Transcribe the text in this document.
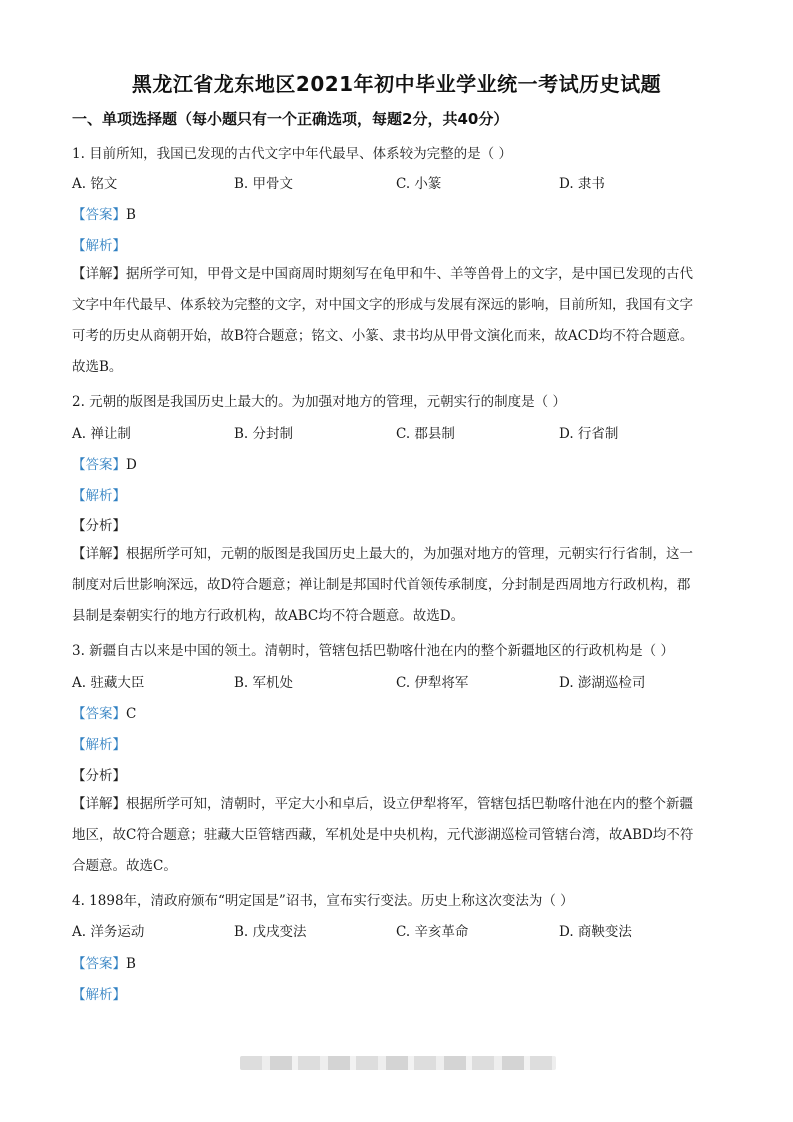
黑龙江省龙东地区2021年初中毕业学业统一考试历史试题
一、单项选择题（每小题只有一个正确选项，每题2分，共40分）
1. 目前所知，我国已发现的古代文字中年代最早、体系较为完整的是（ ）
A. 铭文	B. 甲骨文	C. 小篆	D. 隶书
【答案】B
【解析】
【详解】据所学可知，甲骨文是中国商周时期刻写在龟甲和牛、羊等兽骨上的文字，是中国已发现的古代
文字中年代最早、体系较为完整的文字，对中国文字的形成与发展有深远的影响，目前所知，我国有文字
可考的历史从商朝开始，故B符合题意；铭文、小篆、隶书均从甲骨文演化而来，故ACD均不符合题意。
故选B。
2. 元朝的版图是我国历史上最大的。为加强对地方的管理，元朝实行的制度是（ ）
A. 禅让制	B. 分封制	C. 郡县制	D. 行省制
【答案】D
【解析】
【分析】
【详解】根据所学可知，元朝的版图是我国历史上最大的，为加强对地方的管理，元朝实行行省制，这一
制度对后世影响深远，故D符合题意；禅让制是邦国时代首领传承制度，分封制是西周地方行政机构，郡
县制是秦朝实行的地方行政机构，故ABC均不符合题意。故选D。
3. 新疆自古以来是中国的领土。清朝时，管辖包括巴勒喀什池在内的整个新疆地区的行政机构是（ ）
A. 驻藏大臣	B. 军机处	C. 伊犁将军	D. 澎湖巡检司
【答案】C
【解析】
【分析】
【详解】根据所学可知，清朝时，平定大小和卓后，设立伊犁将军，管辖包括巴勒喀什池在内的整个新疆
地区，故C符合题意；驻藏大臣管辖西藏，军机处是中央机构，元代澎湖巡检司管辖台湾，故ABD均不符
合题意。故选C。
4. 1898年，清政府颁布“明定国是”诏书，宣布实行变法。历史上称这次变法为（ ）
A. 洋务运动	B. 戊戌变法	C. 辛亥革命	D. 商鞅变法
【答案】B
【解析】
